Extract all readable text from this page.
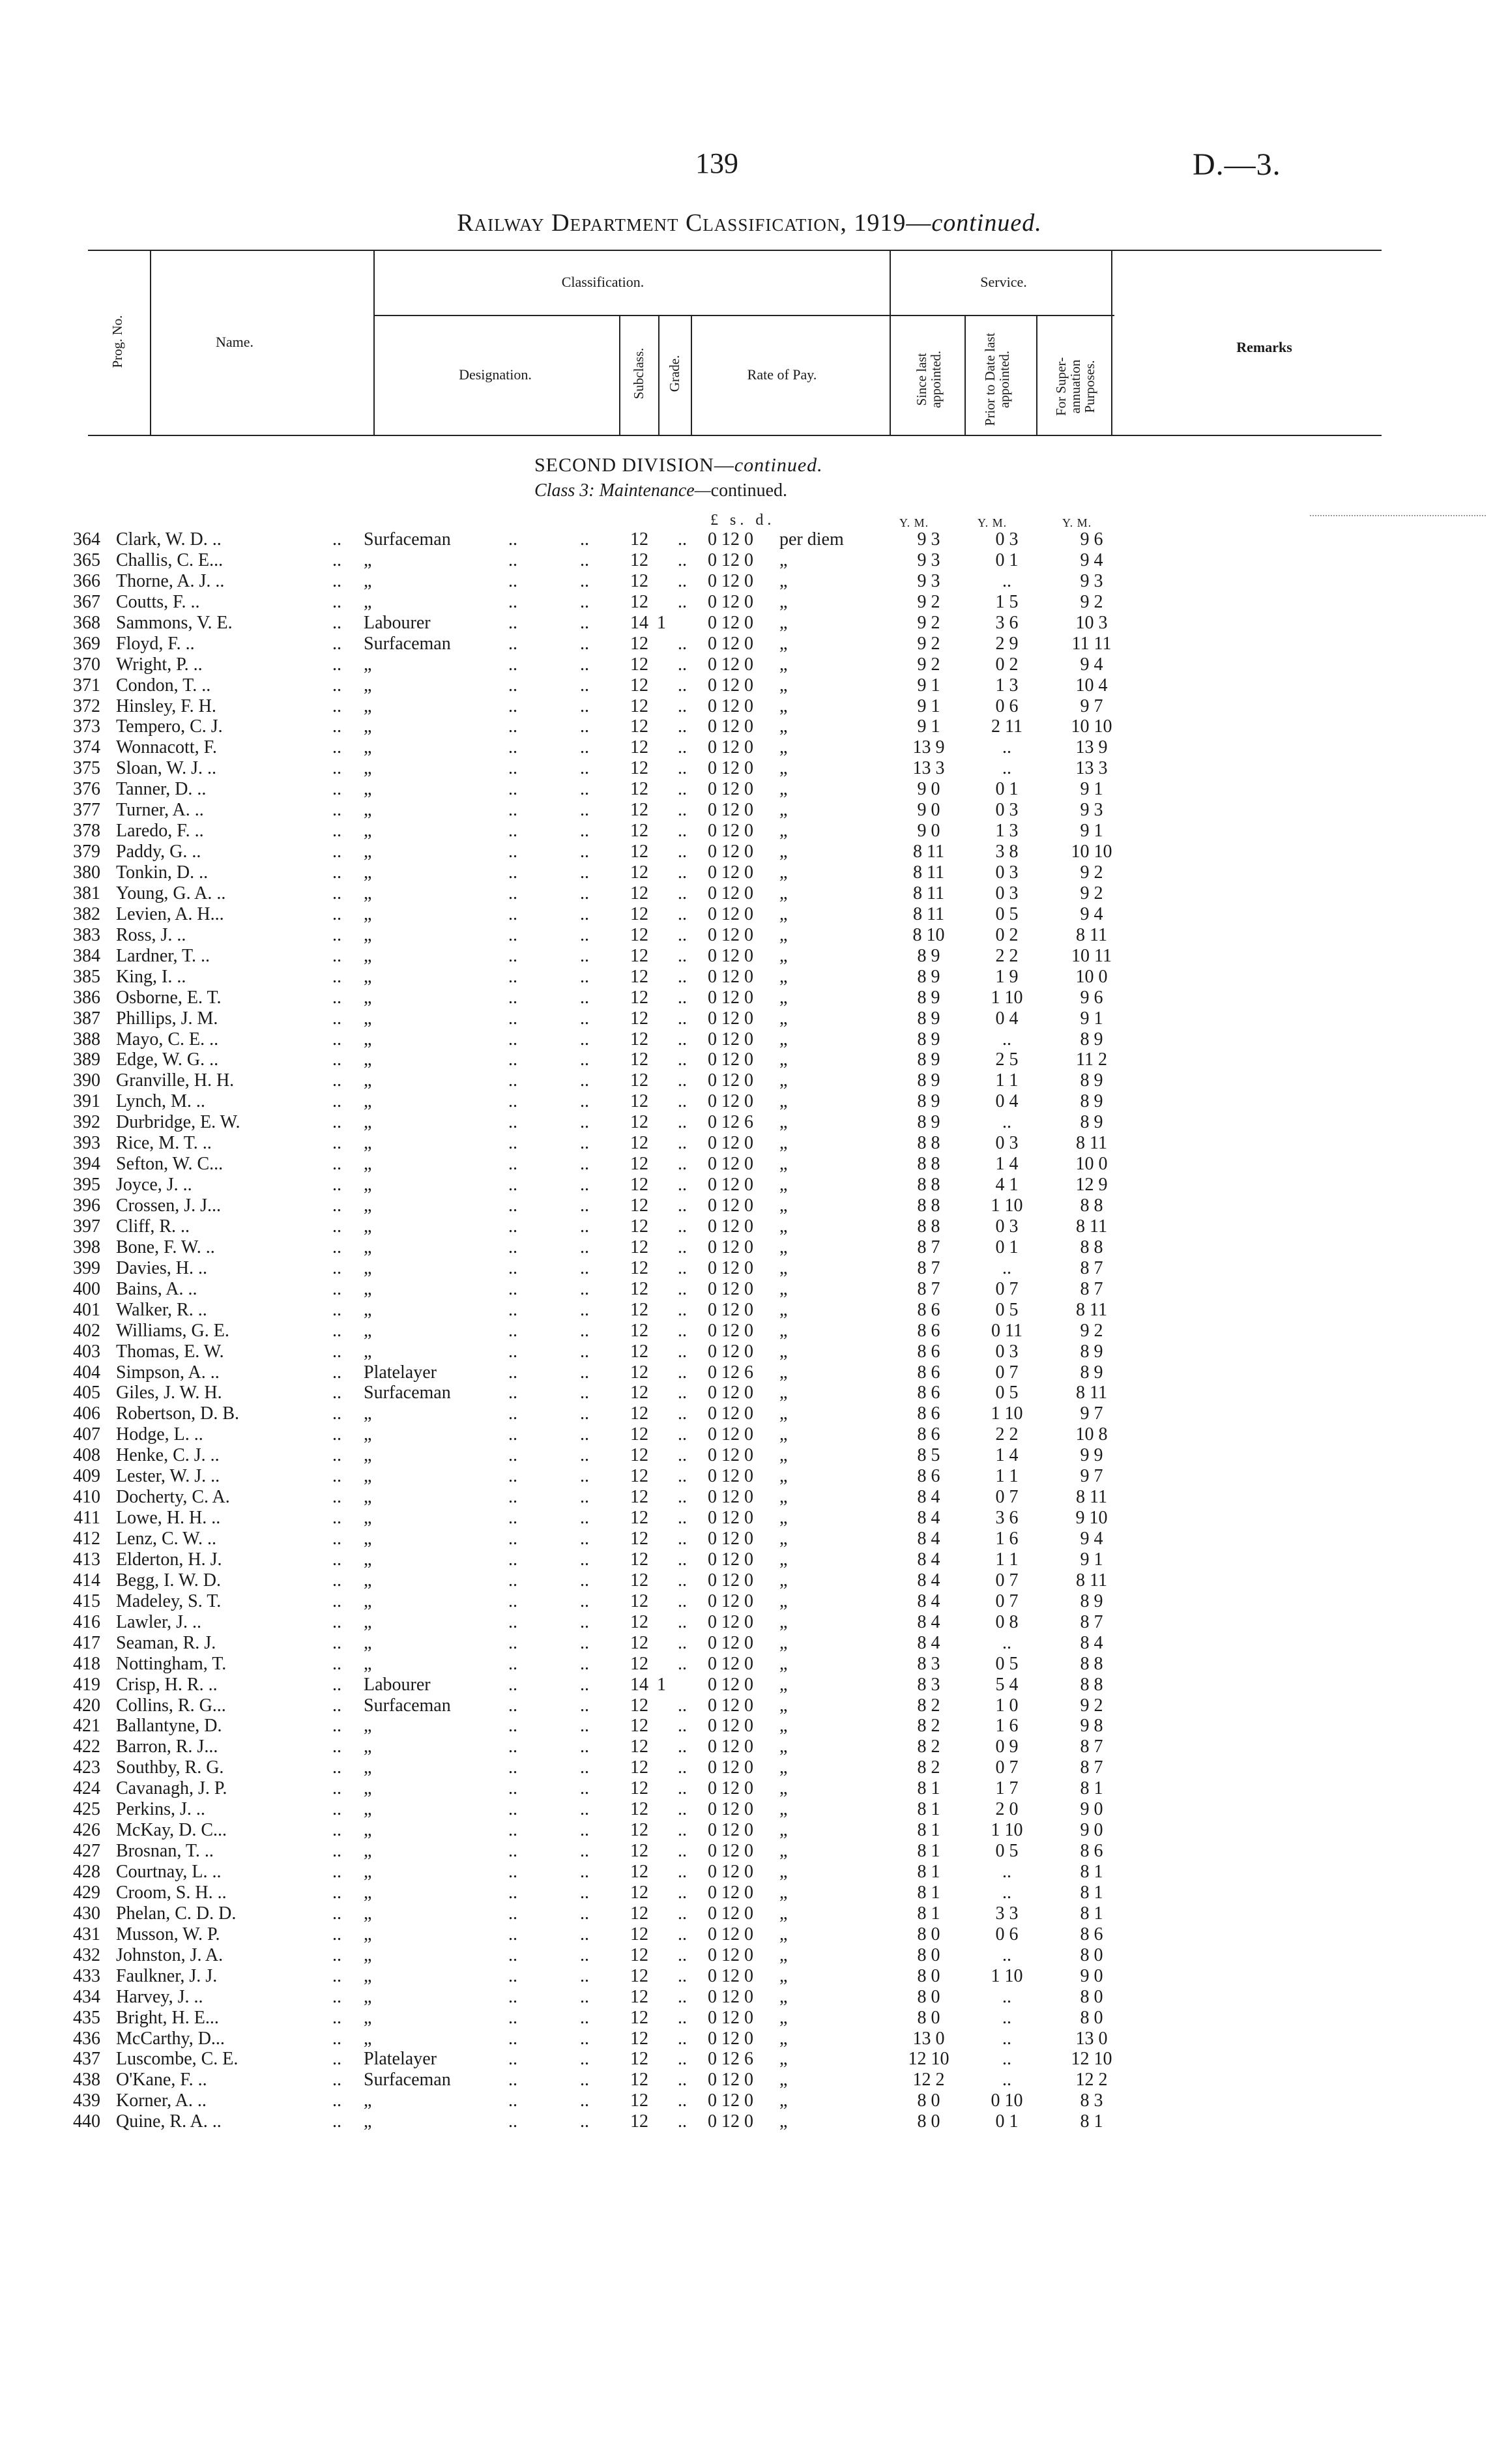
139	D.—3.
Railway Department Classification, 1919—continued.
Prog. No.	Name.
Classification.
Designation.	Subclass. Grade.	Rate of Pay.
Service.
Since last appointed.	Prior to Date last appointed.	For Super-annuation Purposes.
Remarks
SECOND DIVISION—continued.
Class 3: Maintenance—continued.
£ s. d.	Y. M.	Y. M.	Y. M.
364 Clark, W. D. ..	.. Surfaceman	..	..	12 .. 0 12 0	per diem	9 3	0 3	9 6
365 Challis, C. E...	.. „	..	..	12 .. 0 12 0	„	9 3	0 1	9 4
366 Thorne, A. J. ..	.. „	..	..	12 .. 0 12 0	„	9 3	..	9 3
367 Coutts, F. ..	.. „	..	..	12 .. 0 12 0	„	9 2	1 5	9 2
368 Sammons, V. E.	.. Labourer	..	..	14 1 0 12 0	„	9 2	3 6	10 3
369 Floyd, F. ..	.. Surfaceman	..	..	12 .. 0 12 0	„	9 2	2 9	11 11
370 Wright, P. ..	.. „	..	..	12 .. 0 12 0	„	9 2	0 2	9 4
371 Condon, T. ..	.. „	..	..	12 .. 0 12 0	„	9 1	1 3	10 4
372 Hinsley, F. H.	.. „	..	..	12 .. 0 12 0	„	9 1	0 6	9 7
373 Tempero, C. J.	.. „	..	..	12 .. 0 12 0	„	9 1	2 11	10 10
374 Wonnacott, F.	.. „	..	..	12 .. 0 12 0	„	13 9	..	13 9
375 Sloan, W. J. ..	.. „	..	..	12 .. 0 12 0	„	13 3	..	13 3
376 Tanner, D. ..	.. „	..	..	12 .. 0 12 0	„	9 0	0 1	9 1
377 Turner, A. ..	.. „	..	..	12 .. 0 12 0	„	9 0	0 3	9 3
378 Laredo, F. ..	.. „	..	..	12 .. 0 12 0	„	9 0	1 3	9 1
379 Paddy, G. ..	.. „	..	..	12 .. 0 12 0	„	8 11	3 8	10 10
380 Tonkin, D. ..	.. „	..	..	12 .. 0 12 0	„	8 11	0 3	9 2
381 Young, G. A. ..	.. „	..	..	12 .. 0 12 0	„	8 11	0 3	9 2
382 Levien, A. H...	.. „	..	..	12 .. 0 12 0	„	8 11	0 5	9 4
383 Ross, J. ..	.. „	..	..	12 .. 0 12 0	„	8 10	0 2	8 11
384 Lardner, T. ..	.. „	..	..	12 .. 0 12 0	„	8 9	2 2	10 11
385 King, I. ..	.. „	..	..	12 .. 0 12 0	„	8 9	1 9	10 0
386 Osborne, E. T.	.. „	..	..	12 .. 0 12 0	„	8 9	1 10	9 6
387 Phillips, J. M.	.. „	..	..	12 .. 0 12 0	„	8 9	0 4	9 1
388 Mayo, C. E. ..	.. „	..	..	12 .. 0 12 0	„	8 9	..	8 9
389 Edge, W. G. ..	.. „	..	..	12 .. 0 12 0	„	8 9	2 5	11 2
390 Granville, H. H.	.. „	..	..	12 .. 0 12 0	„	8 9	1 1	8 9
391 Lynch, M. ..	.. „	..	..	12 .. 0 12 0	„	8 9	0 4	8 9
392 Durbridge, E. W.	.. „	..	..	12 .. 0 12 6	„	8 9	..	8 9
393 Rice, M. T. ..	.. „	..	..	12 .. 0 12 0	„	8 8	0 3	8 11
394 Sefton, W. C...	.. „	..	..	12 .. 0 12 0	„	8 8	1 4	10 0
395 Joyce, J. ..	.. „	..	..	12 .. 0 12 0	„	8 8	4 1	12 9
396 Crossen, J. J...	.. „	..	..	12 .. 0 12 0	„	8 8	1 10	8 8
397 Cliff, R. ..	.. „	..	..	12 .. 0 12 0	„	8 8	0 3	8 11
398 Bone, F. W. ..	.. „	..	..	12 .. 0 12 0	„	8 7	0 1	8 8
399 Davies, H. ..	.. „	..	..	12 .. 0 12 0	„	8 7	..	8 7
400 Bains, A. ..	.. „	..	..	12 .. 0 12 0	„	8 7	0 7	8 7
401 Walker, R. ..	.. „	..	..	12 .. 0 12 0	„	8 6	0 5	8 11
402 Williams, G. E.	.. „	..	..	12 .. 0 12 0	„	8 6	0 11	9 2
403 Thomas, E. W.	.. „	..	..	12 .. 0 12 0	„	8 6	0 3	8 9
404 Simpson, A. ..	.. Platelayer	..	..	12 .. 0 12 6	„	8 6	0 7	8 9
405 Giles, J. W. H.	.. Surfaceman	..	..	12 .. 0 12 0	„	8 6	0 5	8 11
406 Robertson, D. B.	.. „	..	..	12 .. 0 12 0	„	8 6	1 10	9 7
407 Hodge, L. ..	.. „	..	..	12 .. 0 12 0	„	8 6	2 2	10 8
408 Henke, C. J. ..	.. „	..	..	12 .. 0 12 0	„	8 5	1 4	9 9
409 Lester, W. J. ..	.. „	..	..	12 .. 0 12 0	„	8 6	1 1	9 7
410 Docherty, C. A.	.. „	..	..	12 .. 0 12 0	„	8 4	0 7	8 11
411 Lowe, H. H. ..	.. „	..	..	12 .. 0 12 0	„	8 4	3 6	9 10
412 Lenz, C. W. ..	.. „	..	..	12 .. 0 12 0	„	8 4	1 6	9 4
413 Elderton, H. J.	.. „	..	..	12 .. 0 12 0	„	8 4	1 1	9 1
414 Begg, I. W. D.	.. „	..	..	12 .. 0 12 0	„	8 4	0 7	8 11
415 Madeley, S. T.	.. „	..	..	12 .. 0 12 0	„	8 4	0 7	8 9
416 Lawler, J. ..	.. „	..	..	12 .. 0 12 0	„	8 4	0 8	8 7
417 Seaman, R. J.	.. „	..	..	12 .. 0 12 0	„	8 4	..	8 4
418 Nottingham, T.	.. „	..	..	12 .. 0 12 0	„	8 3	0 5	8 8
419 Crisp, H. R. ..	.. Labourer	..	..	14 1 0 12 0	„	8 3	5 4	8 8
420 Collins, R. G...	.. Surfaceman	..	..	12 .. 0 12 0	„	8 2	1 0	9 2
421 Ballantyne, D.	.. „	..	..	12 .. 0 12 0	„	8 2	1 6	9 8
422 Barron, R. J...	.. „	..	..	12 .. 0 12 0	„	8 2	0 9	8 7
423 Southby, R. G.	.. „	..	..	12 .. 0 12 0	„	8 2	0 7	8 7
424 Cavanagh, J. P.	.. „	..	..	12 .. 0 12 0	„	8 1	1 7	8 1
425 Perkins, J. ..	.. „	..	..	12 .. 0 12 0	„	8 1	2 0	9 0
426 McKay, D. C...	.. „	..	..	12 .. 0 12 0	„	8 1	1 10	9 0
427 Brosnan, T. ..	.. „	..	..	12 .. 0 12 0	„	8 1	0 5	8 6
428 Courtnay, L. ..	.. „	..	..	12 .. 0 12 0	„	8 1	..	8 1
429 Croom, S. H. ..	.. „	..	..	12 .. 0 12 0	„	8 1	..	8 1
430 Phelan, C. D. D.	.. „	..	..	12 .. 0 12 0	„	8 1	3 3	8 1
431 Musson, W. P.	.. „	..	..	12 .. 0 12 0	„	8 0	0 6	8 6
432 Johnston, J. A.	.. „	..	..	12 .. 0 12 0	„	8 0	..	8 0
433 Faulkner, J. J.	.. „	..	..	12 .. 0 12 0	„	8 0	1 10	9 0
434 Harvey, J. ..	.. „	..	..	12 .. 0 12 0	„	8 0	..	8 0
435 Bright, H. E...	.. „	..	..	12 .. 0 12 0	„	8 0	..	8 0
436 McCarthy, D...	.. „	..	..	12 .. 0 12 0	„	13 0	..	13 0
437 Luscombe, C. E.	.. Platelayer	..	..	12 .. 0 12 6	„	12 10	..	12 10
438 O'Kane, F. ..	.. Surfaceman	..	..	12 .. 0 12 0	„	12 2	..	12 2
439 Korner, A. ..	.. „	..	..	12 .. 0 12 0	„	8 0	0 10	8 3
440 Quine, R. A. ..	.. „	..	..	12 .. 0 12 0	„	8 0	0 1	8 1
